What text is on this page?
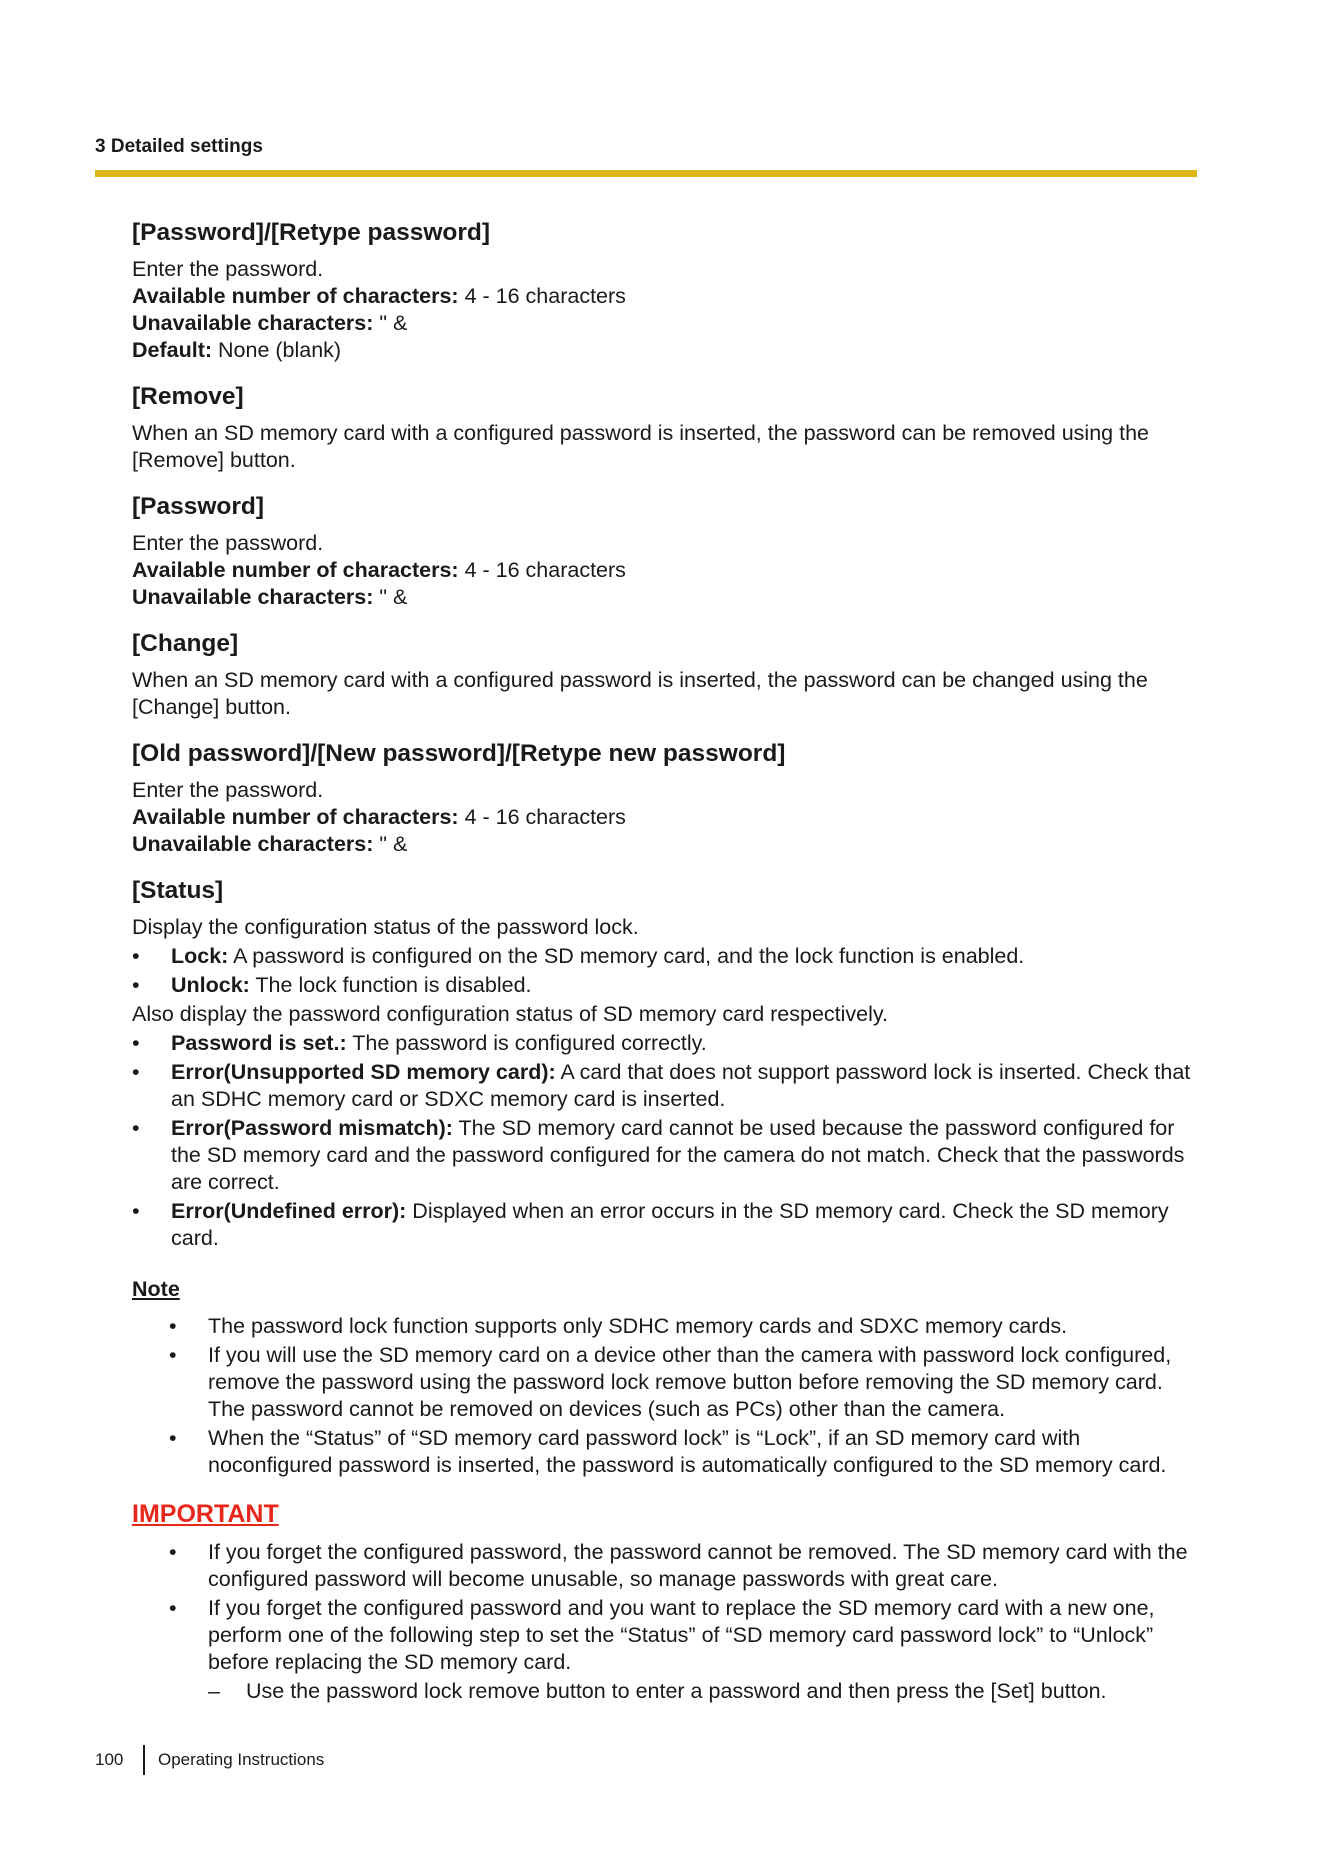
3 Detailed settings
[Password]/[Retype password]

Enter the password.

Available number of characters: 4 - 16 characters

Unavailable characters: " &

Default: None (blank)

[Remove]

When an SD memory card with a configured password is inserted, the password can be removed using the [Remove] button.

[Password]

Enter the password.

Available number of characters: 4 - 16 characters

Unavailable characters: " &

[Change]

When an SD memory card with a configured password is inserted, the password can be changed using the [Change] button.

[Old password]/[New password]/[Retype new password]

Enter the password.

Available number of characters: 4 - 16 characters

Unavailable characters: " &

[Status]

Display the configuration status of the password lock.

• Lock: A password is configured on the SD memory card, and the lock function is enabled.
• Unlock: The lock function is disabled.

Also display the password configuration status of SD memory card respectively.

• Password is set.: The password is configured correctly.
• Error(Unsupported SD memory card): A card that does not support password lock is inserted. Check that an SDHC memory card or SDXC memory card is inserted.
• Error(Password mismatch): The SD memory card cannot be used because the password configured for the SD memory card and the password configured for the camera do not match. Check that the passwords are correct.
• Error(Undefined error): Displayed when an error occurs in the SD memory card. Check the SD memory card.
Note
• The password lock function supports only SDHC memory cards and SDXC memory cards.
• If you will use the SD memory card on a device other than the camera with password lock configured, remove the password using the password lock remove button before removing the SD memory card. The password cannot be removed on devices (such as PCs) other than the camera.
• When the “Status” of “SD memory card password lock” is “Lock”, if an SD memory card with noconfigured password is inserted, the password is automatically configured to the SD memory card.
IMPORTANT
• If you forget the configured password, the password cannot be removed. The SD memory card with the configured password will become unusable, so manage passwords with great care.
• If you forget the configured password and you want to replace the SD memory card with a new one, perform one of the following step to set the “Status” of “SD memory card password lock” to “Unlock” before replacing the SD memory card.
– Use the password lock remove button to enter a password and then press the [Set] button.
100	Operating Instructions
